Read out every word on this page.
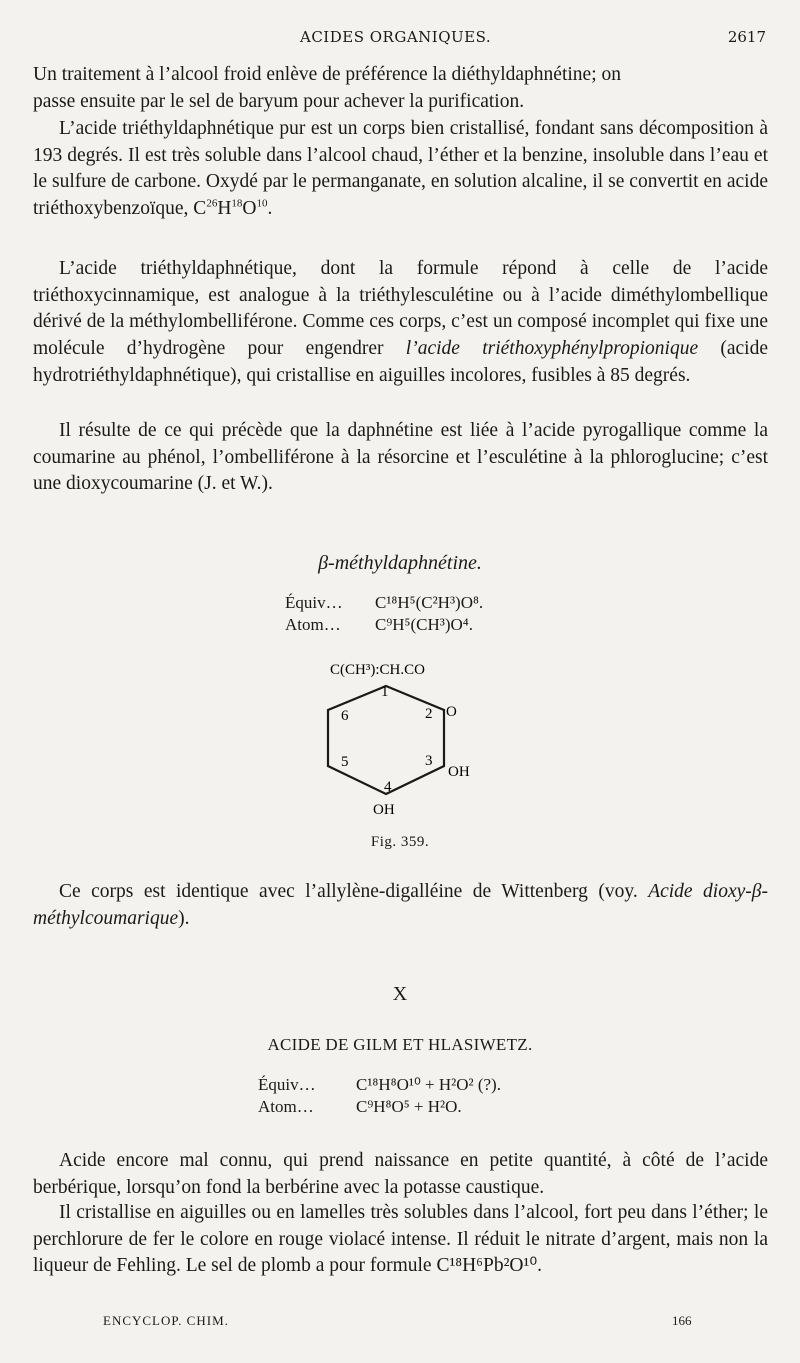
ACIDES ORGANIQUES.	2617

Un traitement à l’alcool froid enlève de préférence la diéthyldaphnétine; on

passe ensuite par le sel de baryum pour achever la purification.

L’acide triéthyldaphnétique pur est un corps bien cristallisé, fondant sans décomposition à 193 degrés. Il est très soluble dans l’alcool chaud, l’éther et la benzine, insoluble dans l’eau et le sulfure de carbone. Oxydé par le permanganate, en solution alcaline, il se convertit en acide triéthoxybenzoïque, $C^{26}H^{18}O^{10}$.

L’acide triéthyldaphnétique, dont la formule répond à celle de l’acide triéthoxycinnamique, est analogue à la triéthylesculétine ou à l’acide diméthylombellique dérivé de la méthylombelliférone. Comme ces corps, c’est un composé incomplet qui fixe une molécule d’hydrogène pour engendrer l’acide triéthoxyphénylpropionique (acide hydrotriéthyldaphnétique), qui cristallise en aiguilles incolores, fusibles à 85 degrés.

Il résulte de ce qui précède que la daphnétine est liée à l’acide pyrogallique comme la coumarine au phénol, l’ombelliférone à la résorcine et l’esculétine à la phloroglucine; c’est une dioxycoumarine (J. et W.).

β-méthyldaphnétine.
Équiv… C¹⁸H⁵(C²H³)O⁸.
Atom… C⁹H⁵(CH³)O⁴.
C(CH³):CH.CO
1
2
3
4
5
6	O
OH
OH
Fig. 359.

Ce corps est identique avec l’allylène-digalléine de Wittenberg (voy. Acide dioxy-β-méthylcoumarique).

X
ACIDE DE GILM ET HLASIWETZ.
Équiv… C¹⁸H⁸O¹⁰ + H²O² (?).
Atom… C⁹H⁸O⁵ + H²O.

Acide encore mal connu, qui prend naissance en petite quantité, à côté de l’acide berbérique, lorsqu’on fond la berbérine avec la potasse caustique.

Il cristallise en aiguilles ou en lamelles très solubles dans l’alcool, fort peu dans l’éther; le perchlorure de fer le colore en rouge violacé intense. Il réduit le nitrate d’argent, mais non la liqueur de Fehling. Le sel de plomb a pour formule C¹⁸H⁶Pb²O¹⁰.

ENCYCLOP. CHIM.	166
